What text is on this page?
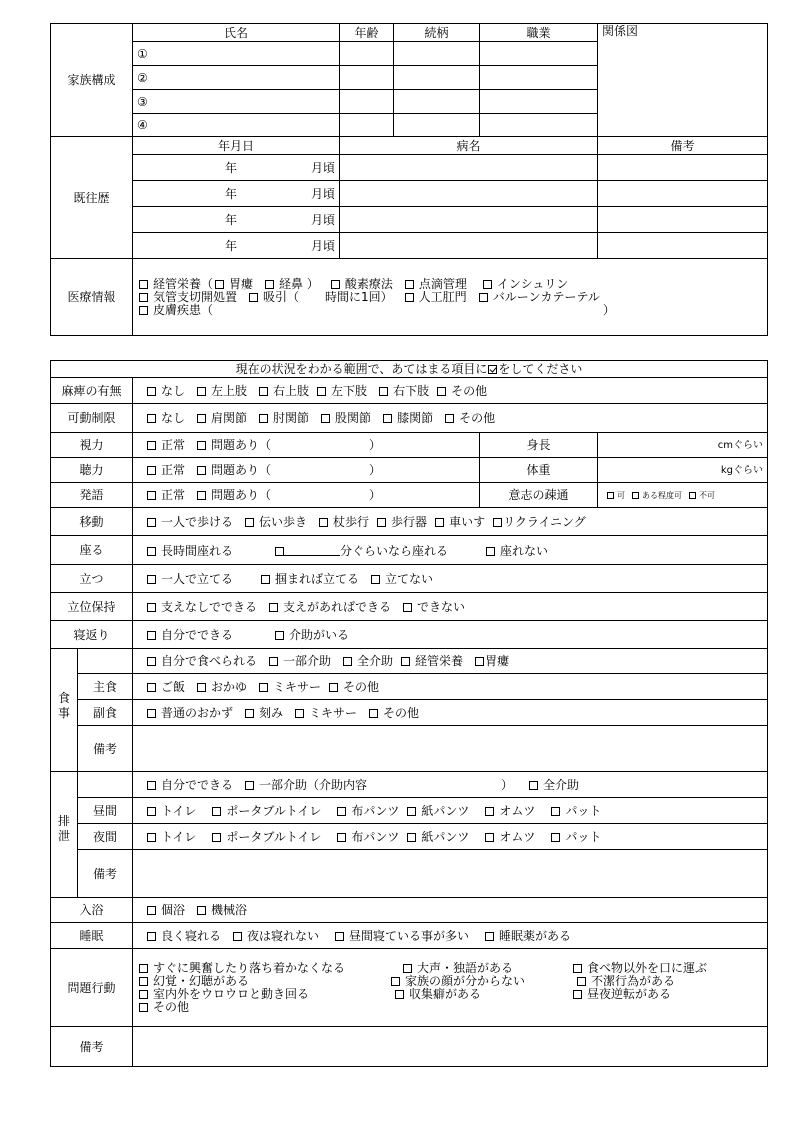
家族構成	氏名	年齢	続柄	職業	関係図
	①				
	②				
	③				
	④				
既往歴	年月日	病名			備考
	年 月頃				

	年 月頃				

	年 月頃				

	年 月頃				

医療情報	経管栄養（ 胃瘻 経鼻 ） 酸素療法 点滴管理 インシュリン
気管支切開処置 吸引（ 時間に1回） 人工肛門 バルーンカテーテル
皮膚疾患（ ）				
現在の状況をわかる範囲で、あてはまる項目に をしてください				
麻痺の有無		なし 左上肢 右上肢 左下肢 右下肢 その他		
可動制限		なし 肩関節 肘関節 股関節 膝関節 その他		
視力		正常 問題あり（ ）	身長	cmぐらい
聴力		正常 問題あり（ ）	体重	kgぐらい
発語		正常 問題あり（ ）	意志の疎通	可 ある程度可 不可
移動		一人で歩ける 伝い歩き 杖歩行 歩行器 車いす リクライニング		
座る		長時間座れる 分ぐらいなら座れる 座れない		
立つ		一人で立てる 掴まれば立てる 立てない		
立位保持		支えなしでできる 支えがあればできる できない		
寝返り		自分でできる 介助がいる		
食事		自分で食べられる 一部介助 全介助 経管栄養 胃瘻		
	主食	ご飯 おかゆ ミキサー その他		
	副食	普通のおかず 刻み ミキサー その他		
	備考			
排泄		自分でできる 一部介助（介助内容 ） 全介助		
	昼間	トイレ ポータブルトイレ 布パンツ 紙パンツ オムツ パット		
	夜間	トイレ ポータブルトイレ 布パンツ 紙パンツ オムツ パット		
	備考			
入浴		個浴 機械浴		
睡眠		良く寝れる 夜は寝れない 昼間寝ている事が多い 睡眠薬がある		
問題行動		すぐに興奮したり落ち着かなくなる 大声・独語がある 食べ物以外を口に運ぶ
幻覚・幻聴がある 家族の顔が分からない 不潔行為がある
室内外をウロウロと動き回る 収集癖がある 昼夜逆転がある
その他		

備考				
